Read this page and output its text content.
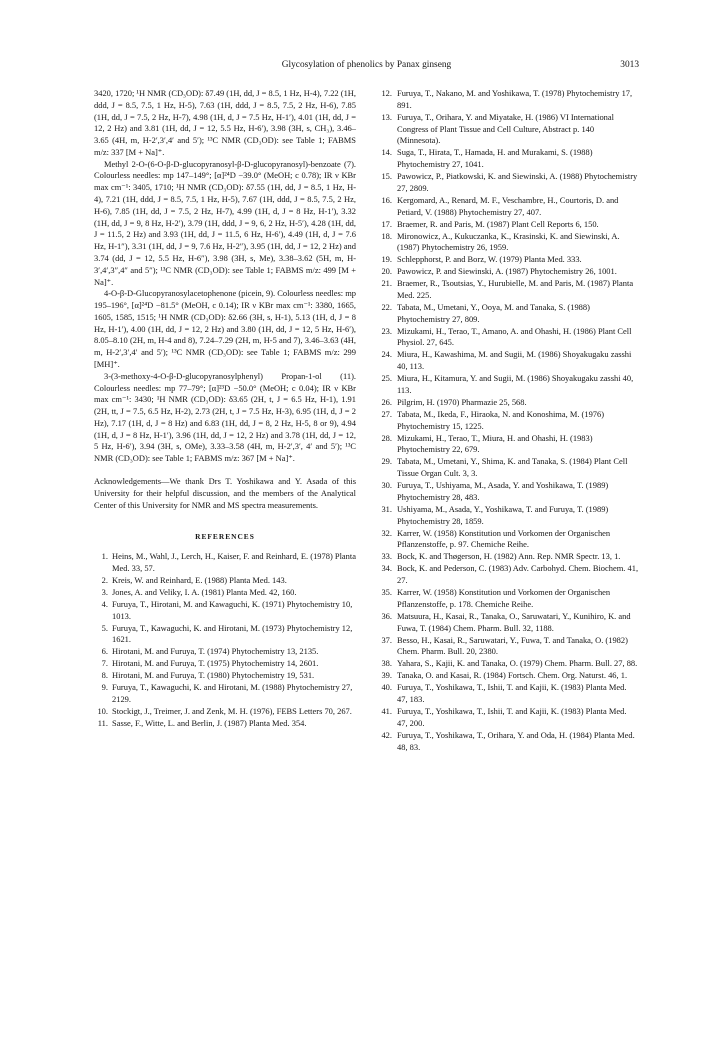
Glycosylation of phenolics by Panax ginseng	3013

3420, 1720; ¹H NMR (CD₃OD): δ7.49 (1H, dd, J = 8.5, 1 Hz, H-4), 7.22 (1H, ddd, J = 8.5, 7.5, 1 Hz, H-5), 7.63 (1H, ddd, J = 8.5, 7.5, 2 Hz, H-6), 7.85 (1H, dd, J = 7.5, 2 Hz, H-7), 4.98 (1H, d, J = 7.5 Hz, H-1′), 4.01 (1H, dd, J = 12, 2 Hz) and 3.81 (1H, dd, J = 12, 5.5 Hz, H-6′), 3.98 (3H, s, CH₃), 3.46–3.65 (4H, m, H-2′,3′,4′ and 5′); ¹³C NMR (CD₃OD): see Table 1; FABMS m/z: 337 [M + Na]⁺.

Methyl 2-O-(6-O-β-D-glucopyranosyl-β-D-glucopyranosyl)-benzoate (7). Colourless needles: mp 147–149°; [α]²⁴D −39.0° (MeOH; c 0.78); IR ν KBr max cm⁻¹: 3405, 1710; ¹H NMR (CD₃OD): δ7.55 (1H, dd, J = 8.5, 1 Hz, H-4), 7.21 (1H, ddd, J = 8.5, 7.5, 1 Hz, H-5), 7.67 (1H, ddd, J = 8.5, 7.5, 2 Hz, H-6), 7.85 (1H, dd, J = 7.5, 2 Hz, H-7), 4.99 (1H, d, J = 8 Hz, H-1′), 3.32 (1H, dd, J = 9, 8 Hz, H-2′), 3.79 (1H, ddd, J = 9, 6, 2 Hz, H-5′), 4.28 (1H, dd, J = 11.5, 2 Hz) and 3.93 (1H, dd, J = 11.5, 6 Hz, H-6′), 4.49 (1H, d, J = 7.6 Hz, H-1″), 3.31 (1H, dd, J = 9, 7.6 Hz, H-2″), 3.95 (1H, dd, J = 12, 2 Hz) and 3.74 (dd, J = 12, 5.5 Hz, H-6″), 3.98 (3H, s, Me), 3.38–3.62 (5H, m, H-3′,4′,3″,4″ and 5″); ¹³C NMR (CD₃OD): see Table 1; FABMS m/z: 499 [M + Na]⁺.

4-O-β-D-Glucopyranosylacetophenone (picein, 9). Colourless needles: mp 195–196°, [α]²⁴D −81.5° (MeOH, c 0.14); IR ν KBr max cm⁻¹: 3380, 1665, 1605, 1585, 1515; ¹H NMR (CD₃OD): δ2.66 (3H, s, H-1), 5.13 (1H, d, J = 8 Hz, H-1′), 4.00 (1H, dd, J = 12, 2 Hz) and 3.80 (1H, dd, J = 12, 5 Hz, H-6′), 8.05–8.10 (2H, m, H-4 and 8), 7.24–7.29 (2H, m, H-5 and 7), 3.46–3.63 (4H, m, H-2′,3′,4′ and 5′); ¹³C NMR (CD₃OD): see Table 1; FABMS m/z: 299 [MH]⁺.

3-(3-methoxy-4-O-β-D-glucopyranosylphenyl) Propan-1-ol (11). Colourless needles: mp 77–79°; [α]²³D −50.0° (MeOH; c 0.04); IR ν KBr max cm⁻¹: 3430; ¹H NMR (CD₃OD): δ3.65 (2H, t, J = 6.5 Hz, H-1), 1.91 (2H, tt, J = 7.5, 6.5 Hz, H-2), 2.73 (2H, t, J = 7.5 Hz, H-3), 6.95 (1H, d, J = 2 Hz), 7.17 (1H, d, J = 8 Hz) and 6.83 (1H, dd, J = 8, 2 Hz, H-5, 8 or 9), 4.94 (1H, d, J = 8 Hz, H-1′), 3.96 (1H, dd, J = 12, 2 Hz) and 3.78 (1H, dd, J = 12, 5 Hz, H-6′), 3.94 (3H, s, OMe), 3.33–3.58 (4H, m, H-2′,3′, 4′ and 5′); ¹³C NMR (CD₃OD): see Table 1; FABMS m/z: 367 [M + Na]⁺.

Acknowledgements—We thank Drs T. Yoshikawa and Y. Asada of this University for their helpful discussion, and the members of the Analytical Center of this University for NMR and MS spectra measurements.

REFERENCES

1. Heins, M., Wahl, J., Lerch, H., Kaiser, F. and Reinhard, E. (1978) Planta Med. 33, 57.

2. Kreis, W. and Reinhard, E. (1988) Planta Med. 143.

3. Jones, A. and Veliky, I. A. (1981) Planta Med. 42, 160.

4. Furuya, T., Hirotani, M. and Kawaguchi, K. (1971) Phytochemistry 10, 1013.

5. Furuya, T., Kawaguchi, K. and Hirotani, M. (1973) Phytochemistry 12, 1621.

6. Hirotani, M. and Furuya, T. (1974) Phytochemistry 13, 2135.

7. Hirotani, M. and Furuya, T. (1975) Phytochemistry 14, 2601.

8. Hirotani, M. and Furuya, T. (1980) Phytochemistry 19, 531.

9. Furuya, T., Kawaguchi, K. and Hirotani, M. (1988) Phytochemistry 27, 2129.

10. Stockigt, J., Treimer, J. and Zenk, M. H. (1976), FEBS Letters 70, 267.

11. Sasse, F., Witte, L. and Berlin, J. (1987) Planta Med. 354.

12. Furuya, T., Nakano, M. and Yoshikawa, T. (1978) Phytochemistry 17, 891.

13. Furuya, T., Orihara, Y. and Miyatake, H. (1986) VI International Congress of Plant Tissue and Cell Culture, Abstract p. 140 (Minnesota).

14. Suga, T., Hirata, T., Hamada, H. and Murakami, S. (1988) Phytochemistry 27, 1041.

15. Pawowicz, P., Piatkowski, K. and Siewinski, A. (1988) Phytochemistry 27, 2809.

16. Kergomard, A., Renard, M. F., Veschambre, H., Courtoris, D. and Petiard, V. (1988) Phytochemistry 27, 407.

17. Braemer, R. and Paris, M. (1987) Plant Cell Reports 6, 150.

18. Mironowicz, A., Kukuczanka, K., Krasinski, K. and Siewinski, A. (1987) Phytochemistry 26, 1959.

19. Schlepphorst, P. and Borz, W. (1979) Planta Med. 333.

20. Pawowicz, P. and Siewinski, A. (1987) Phytochemistry 26, 1001.

21. Braemer, R., Tsoutsias, Y., Hurubielle, M. and Paris, M. (1987) Planta Med. 225.

22. Tabata, M., Umetani, Y., Ooya, M. and Tanaka, S. (1988) Phytochemistry 27, 809.

23. Mizukami, H., Terao, T., Amano, A. and Ohashi, H. (1986) Plant Cell Physiol. 27, 645.

24. Miura, H., Kawashima, M. and Sugii, M. (1986) Shoyakugaku zasshi 40, 113.

25. Miura, H., Kitamura, Y. and Sugii, M. (1986) Shoyakugaku zasshi 40, 113.

26. Pilgrim, H. (1970) Pharmazie 25, 568.

27. Tabata, M., Ikeda, F., Hiraoka, N. and Konoshima, M. (1976) Phytochemistry 15, 1225.

28. Mizukami, H., Terao, T., Miura, H. and Ohashi, H. (1983) Phytochemistry 22, 679.

29. Tabata, M., Umetani, Y., Shima, K. and Tanaka, S. (1984) Plant Cell Tissue Organ Cult. 3, 3.

30. Furuya, T., Ushiyama, M., Asada, Y. and Yoshikawa, T. (1989) Phytochemistry 28, 483.

31. Ushiyama, M., Asada, Y., Yoshikawa, T. and Furuya, T. (1989) Phytochemistry 28, 1859.

32. Karrer, W. (1958) Konstitution und Vorkomen der Organischen Pflanzenstoffe, p. 97. Chemiche Reihe.

33. Bock, K. and Thøgerson, H. (1982) Ann. Rep. NMR Spectr. 13, 1.

34. Bock, K. and Pederson, C. (1983) Adv. Carbohyd. Chem. Biochem. 41, 27.

35. Karrer, W. (1958) Konstitution und Vorkomen der Organischen Pflanzenstoffe, p. 178. Chemiche Reihe.

36. Matsuura, H., Kasai, R., Tanaka, O., Saruwatari, Y., Kunihiro, K. and Fuwa, T. (1984) Chem. Pharm. Bull. 32, 1188.

37. Besso, H., Kasai, R., Saruwatari, Y., Fuwa, T. and Tanaka, O. (1982) Chem. Pharm. Bull. 20, 2380.

38. Yahara, S., Kajii, K. and Tanaka, O. (1979) Chem. Pharm. Bull. 27, 88.

39. Tanaka, O. and Kasai, R. (1984) Fortsch. Chem. Org. Naturst. 46, 1.

40. Furuya, T., Yoshikawa, T., Ishii, T. and Kajii, K. (1983) Planta Med. 47, 183.

41. Furuya, T., Yoshikawa, T., Ishii, T. and Kajii, K. (1983) Planta Med. 47, 200.

42. Furuya, T., Yoshikawa, T., Orihara, Y. and Oda, H. (1984) Planta Med. 48, 83.
